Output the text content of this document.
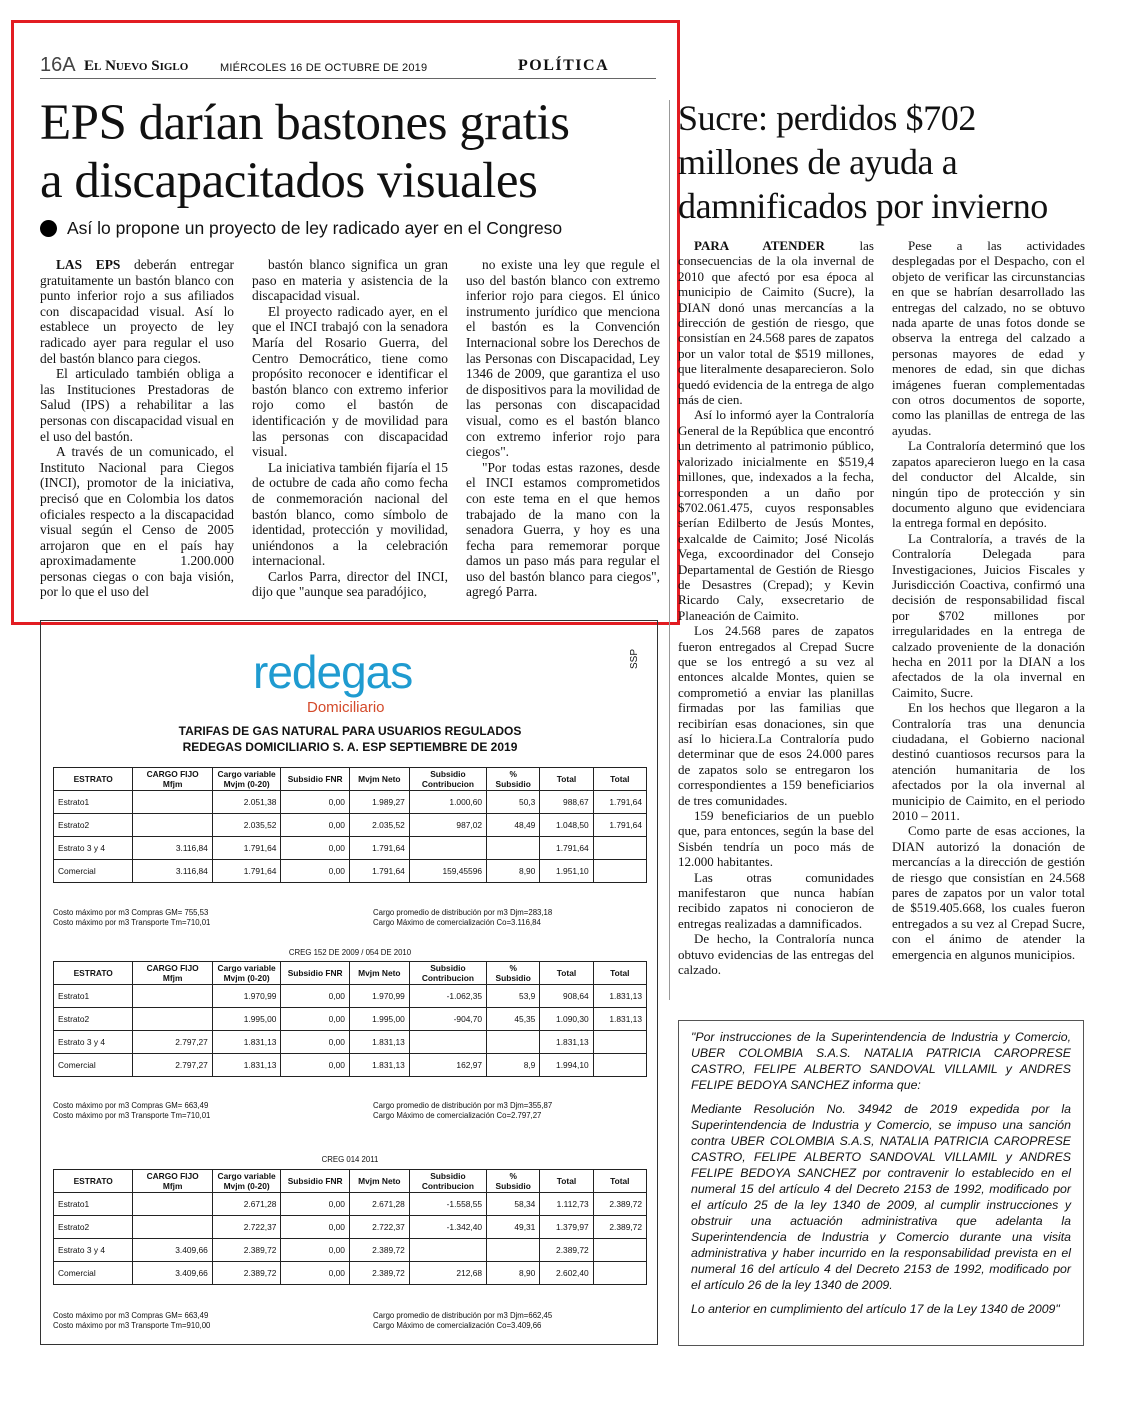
16A El Nuevo Siglo	MIÉRCOLES 16 DE OCTUBRE DE 2019	POLÍTICA
EPS darían bastones gratis
a discapacitados visuales
Así lo propone un proyecto de ley radicado ayer en el Congreso

LAS EPS deberán entregar gratuitamente un bastón blanco con punto inferior rojo a sus afiliados con discapacidad visual. Así lo establece un proyecto de ley radicado ayer para regular el uso del bastón blanco para ciegos.

El articulado también obliga a las Instituciones Prestadoras de Salud (IPS) a rehabilitar a las personas con discapacidad visual en el uso del bastón.

A través de un comunicado, el Instituto Nacional para Ciegos (INCI), promotor de la iniciativa, precisó que en Colombia los datos oficiales respecto a la discapacidad visual según el Censo de 2005 arrojaron que en el país hay aproximadamente 1.200.000 personas ciegas o con baja visión, por lo que el uso del

bastón blanco significa un gran paso en materia y asistencia de la discapacidad visual.

El proyecto radicado ayer, en el que el INCI trabajó con la senadora María del Rosario Guerra, del Centro Democrático, tiene como propósito reconocer e identificar el bastón blanco con extremo inferior rojo como el bastón de identificación y de movilidad para las personas con discapacidad visual.

La iniciativa también fijaría el 15 de octubre de cada año como fecha de conmemoración nacional del bastón blanco, como símbolo de identidad, protección y movilidad, uniéndonos a la celebración internacional.

Carlos Parra, director del INCI, dijo que "aunque sea paradójico,

no existe una ley que regule el uso del bastón blanco con extremo inferior rojo para ciegos. El único instrumento jurídico que menciona el bastón es la Convención Internacional sobre los Derechos de las Personas con Discapacidad, Ley 1346 de 2009, que garantiza el uso de dispositivos para la movilidad de las personas con discapacidad visual, como es el bastón blanco con extremo inferior rojo para ciegos".

"Por todas estas razones, desde el INCI estamos comprometidos con este tema en el que hemos trabajado de la mano con la senadora Guerra, y hoy es una fecha para rememorar porque damos un paso más para regular el uso del bastón blanco para ciegos", agregó Parra.

Sucre: perdidos $702
millones de ayuda a
damnificados por invierno

PARA ATENDER las consecuencias de la ola invernal de 2010 que afectó por esa época al municipio de Caimito (Sucre), la DIAN donó unas mercancías a la dirección de gestión de riesgo, que consistían en 24.568 pares de zapatos por un valor total de $519 millones, que literalmente desaparecieron. Solo quedó evidencia de la entrega de algo más de cien.

Así lo informó ayer la Contraloría General de la República que encontró un detrimento al patrimonio público, valorizado inicialmente en $519,4 millones, que, indexados a la fecha, corresponden a un daño por $702.061.475, cuyos responsables serían Edilberto de Jesús Montes, exalcalde de Caimito; José Nicolás Vega, excoordinador del Consejo Departamental de Gestión de Riesgo de Desastres (Crepad); y Kevin Ricardo Caly, exsecretario de Planeación de Caimito.

Los 24.568 pares de zapatos fueron entregados al Crepad Sucre que se los entregó a su vez al entonces alcalde Montes, quien se comprometió a enviar las planillas firmadas por las familias que recibirían esas donaciones, sin que así lo hiciera.La Contraloría pudo determinar que de esos 24.000 pares de zapatos solo se entregaron los correspondientes a 159 beneficiarios de tres comunidades.

159 beneficiarios de un pueblo que, para entonces, según la base del Sisbén tendría un poco más de 12.000 habitantes.

Las otras comunidades manifestaron que nunca habían recibido zapatos ni conocieron de entregas realizadas a damnificados.

De hecho, la Contraloría nunca obtuvo evidencias de las entregas del calzado.

Pese a las actividades desplegadas por el Despacho, con el objeto de verificar las circunstancias en que se habrían desarrollado las entregas del calzado, no se obtuvo nada aparte de unas fotos donde se observa la entrega del calzado a personas mayores de edad y menores de edad, sin que dichas imágenes fueran complementadas con otros documentos de soporte, como las planillas de entrega de las ayudas.

La Contraloría determinó que los zapatos aparecieron luego en la casa del conductor del Alcalde, sin ningún tipo de protección y sin documento alguno que evidenciara la entrega formal en depósito.

La Contraloría, a través de la Contraloría Delegada para Investigaciones, Juicios Fiscales y Jurisdicción Coactiva, confirmó una decisión de responsabilidad fiscal por $702 millones por irregularidades en la entrega de calzado proveniente de la donación hecha en 2011 por la DIAN a los afectados de la ola invernal en Caimito, Sucre.

En los hechos que llegaron a la Contraloría tras una denuncia ciudadana, el Gobierno nacional destinó cuantiosos recursos para la atención humanitaria de los afectados por la ola invernal al municipio de Caimito, en el periodo 2010 – 2011.

Como parte de esas acciones, la DIAN autorizó la donación de mercancías a la dirección de gestión de riesgo que consistían en 24.568 pares de zapatos por un valor total de $519.405.668, los cuales fueron entregados a su vez al Crepad Sucre, con el ánimo de atender la emergencia en algunos municipios.

"Por instrucciones de la Superintendencia de Industria y Comercio, UBER COLOMBIA S.A.S. NATALIA PATRICIA CAROPRESE CASTRO, FELIPE ALBERTO SANDOVAL VILLAMIL y ANDRES FELIPE BEDOYA SANCHEZ informa que:

Mediante Resolución No. 34942 de 2019 expedida por la Superintendencia de Industria y Comercio, se impuso una sanción contra UBER COLOMBIA S.A.S, NATALIA PATRICIA CAROPRESE CASTRO, FELIPE ALBERTO SANDOVAL VILLAMIL y ANDRES FELIPE BEDOYA SANCHEZ por contravenir lo establecido en el numeral 15 del artículo 4 del Decreto 2153 de 1992, modificado por el artículo 25 de la ley 1340 de 2009, al cumplir instrucciones y obstruir una actuación administrativa que adelanta la Superintendencia de Industria y Comercio durante una visita administrativa y haber incurrido en la responsabilidad prevista en el numeral 16 del artículo 4 del Decreto 2153 de 1992, modificado por el artículo 26 de la ley 1340 de 2009.

Lo anterior en cumplimiento del artículo 17 de la Ley 1340 de 2009"

redegas
Domiciliario
SSP
TARIFAS DE GAS NATURAL PARA USUARIOS REGULADOS
REDEGAS DOMICILIARIO S. A. ESP SEPTIEMBRE DE 2019
ESTRATO	CARGO FIJO Mfjm	Cargo variable Mvjm (0-20)	Subsidio FNR	Mvjm Neto	Subsidio Contribucion	% Subsidio	Total	Total
Estrato1		2.051,38	0,00	1.989,27	1.000,60	50,3	988,67	1.791,64
Estrato2		2.035,52	0,00	2.035,52	987,02	48,49	1.048,50	1.791,64
Estrato 3 y 4	3.116,84	1.791,64	0,00	1.791,64			1.791,64	
Comercial	3.116,84	1.791,64	0,00	1.791,64	159,45596	8,90	1.951,10	
Costo máximo por m3 Compras GM= 755,53
Costo máximo por m3 Transporte Tm=710,01
Cargo promedio de distribución por m3 Djm=283,18
Cargo Máximo de comercialización Co=3.116,84
CREG 152 DE 2009 / 054 DE 2010
ESTRATO	CARGO FIJO Mfjm	Cargo variable Mvjm (0-20)	Subsidio FNR	Mvjm Neto	Subsidio Contribucion	% Subsidio	Total	Total
Estrato1		1.970,99	0,00	1.970,99	-1.062,35	53,9	908,64	1.831,13
Estrato2		1.995,00	0,00	1.995,00	-904,70	45,35	1.090,30	1.831,13
Estrato 3 y 4	2.797,27	1.831,13	0,00	1.831,13			1.831,13	
Comercial	2.797,27	1.831,13	0,00	1.831,13	162,97	8,9	1.994,10	
Costo máximo por m3 Compras GM= 663,49
Costo máximo por m3 Transporte Tm=710,01
Cargo promedio de distribución por m3 Djm=355,87
Cargo Máximo de comercialización Co=2.797,27
CREG 014 2011
ESTRATO	CARGO FIJO Mfjm	Cargo variable Mvjm (0-20)	Subsidio FNR	Mvjm Neto	Subsidio Contribucion	% Subsidio	Total	Total
Estrato1		2.671,28	0,00	2.671,28	-1.558,55	58,34	1.112,73	2.389,72
Estrato2		2.722,37	0,00	2.722,37	-1.342,40	49,31	1.379,97	2.389,72
Estrato 3 y 4	3.409,66	2.389,72	0,00	2.389,72			2.389,72	
Comercial	3.409,66	2.389,72	0,00	2.389,72	212,68	8,90	2.602,40	
Costo máximo por m3 Compras GM= 663,49
Costo máximo por m3 Transporte Tm=910,00
Cargo promedio de distribución por m3 Djm=662,45
Cargo Máximo de comercialización Co=3.409,66
